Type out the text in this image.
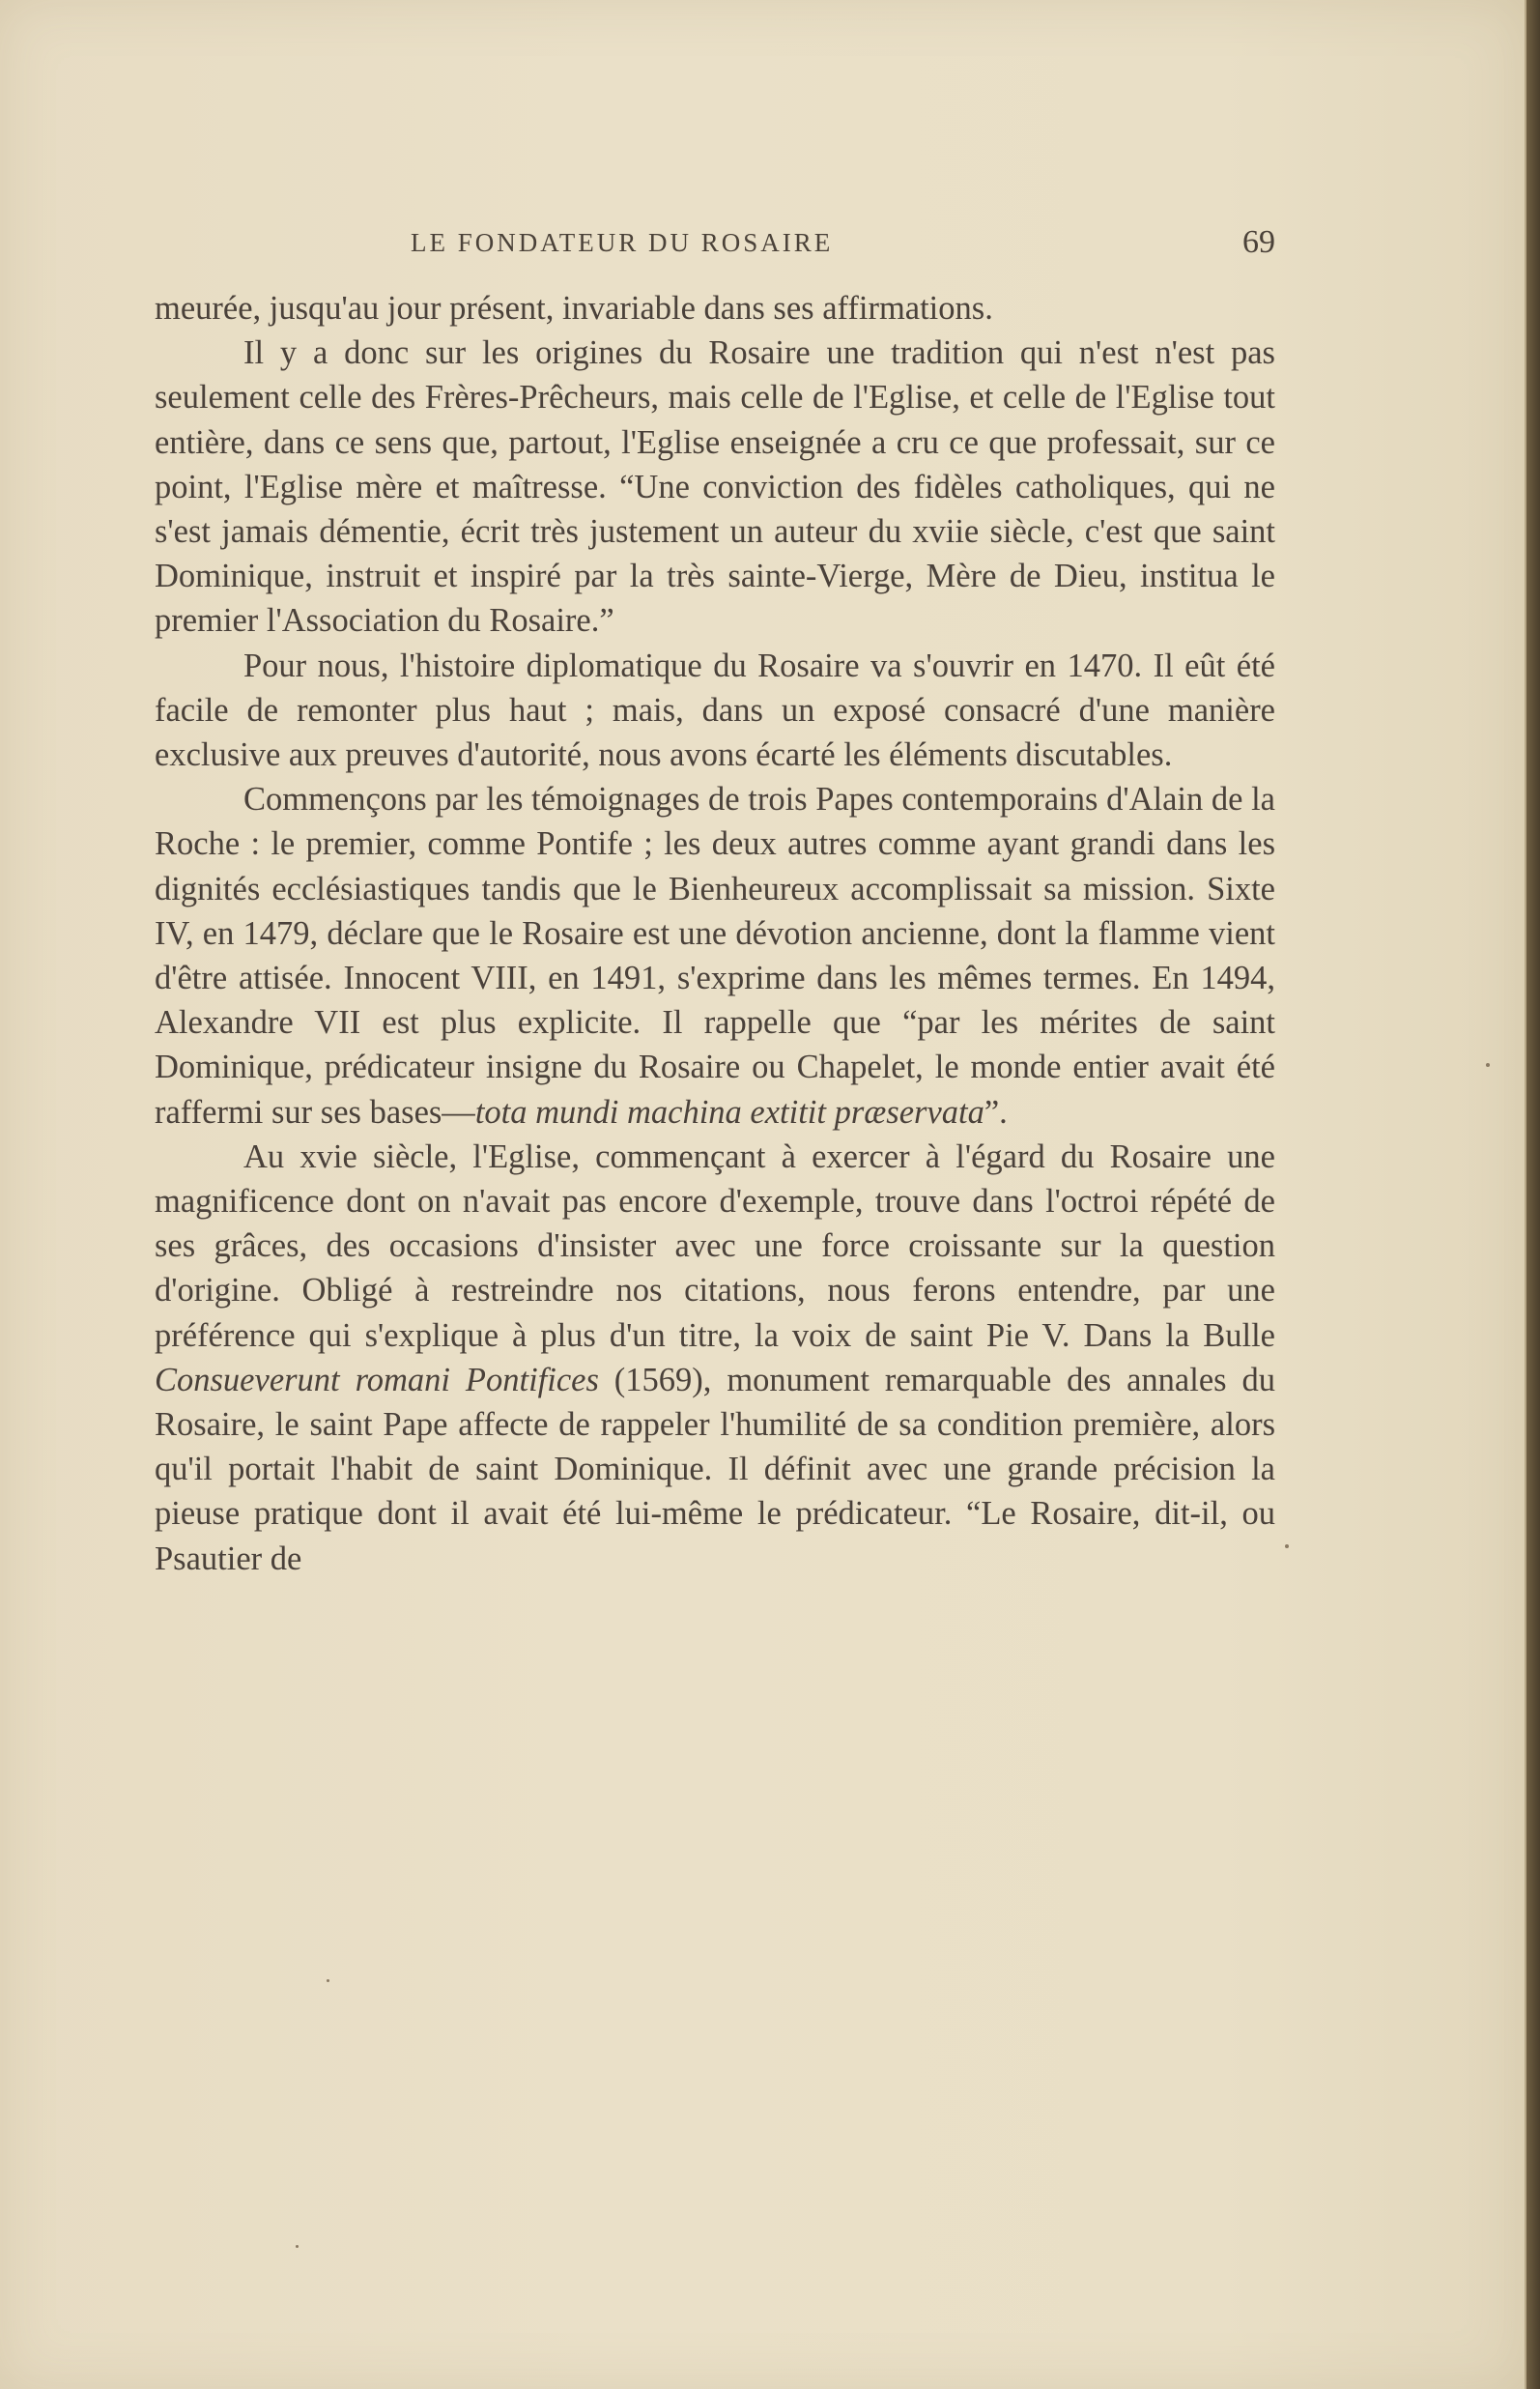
LE FONDATEUR DU ROSAIRE	69

meurée, jusqu'au jour présent, invariable dans ses affirmations.

Il y a donc sur les origines du Rosaire une tradition qui n'est n'est pas seulement celle des Frères-Prêcheurs, mais celle de l'Eglise, et celle de l'Eglise tout entière, dans ce sens que, partout, l'Eglise enseignée a cru ce que professait, sur ce point, l'Eglise mère et maîtresse. “Une conviction des fidèles catholiques, qui ne s'est jamais démentie, écrit très justement un auteur du xviie siècle, c'est que saint Dominique, instruit et inspiré par la très sainte-Vierge, Mère de Dieu, institua le premier l'Association du Rosaire.”

Pour nous, l'histoire diplomatique du Rosaire va s'ouvrir en 1470. Il eût été facile de remonter plus haut ; mais, dans un exposé consacré d'une manière exclusive aux preuves d'autorité, nous avons écarté les éléments discutables.

Commençons par les témoignages de trois Papes contemporains d'Alain de la Roche : le premier, comme Pontife ; les deux autres comme ayant grandi dans les dignités ecclésiastiques tandis que le Bienheureux accomplissait sa mission. Sixte IV, en 1479, déclare que le Rosaire est une dévotion ancienne, dont la flamme vient d'être attisée. Innocent VIII, en 1491, s'exprime dans les mêmes termes. En 1494, Alexandre VII est plus explicite. Il rappelle que “par les mérites de saint Dominique, prédicateur insigne du Rosaire ou Chapelet, le monde entier avait été raffermi sur ses bases—tota mundi machina extitit præservata”.

Au xvie siècle, l'Eglise, commençant à exercer à l'égard du Rosaire une magnificence dont on n'avait pas encore d'exemple, trouve dans l'octroi répété de ses grâces, des occasions d'insister avec une force croissante sur la question d'origine. Obligé à restreindre nos citations, nous ferons entendre, par une préférence qui s'explique à plus d'un titre, la voix de saint Pie V. Dans la Bulle Consueverunt romani Pontifices (1569), monument remarquable des annales du Rosaire, le saint Pape affecte de rappeler l'humilité de sa condition première, alors qu'il portait l'habit de saint Dominique. Il définit avec une grande précision la pieuse pratique dont il avait été lui-même le prédicateur. “Le Rosaire, dit-il, ou Psautier de
